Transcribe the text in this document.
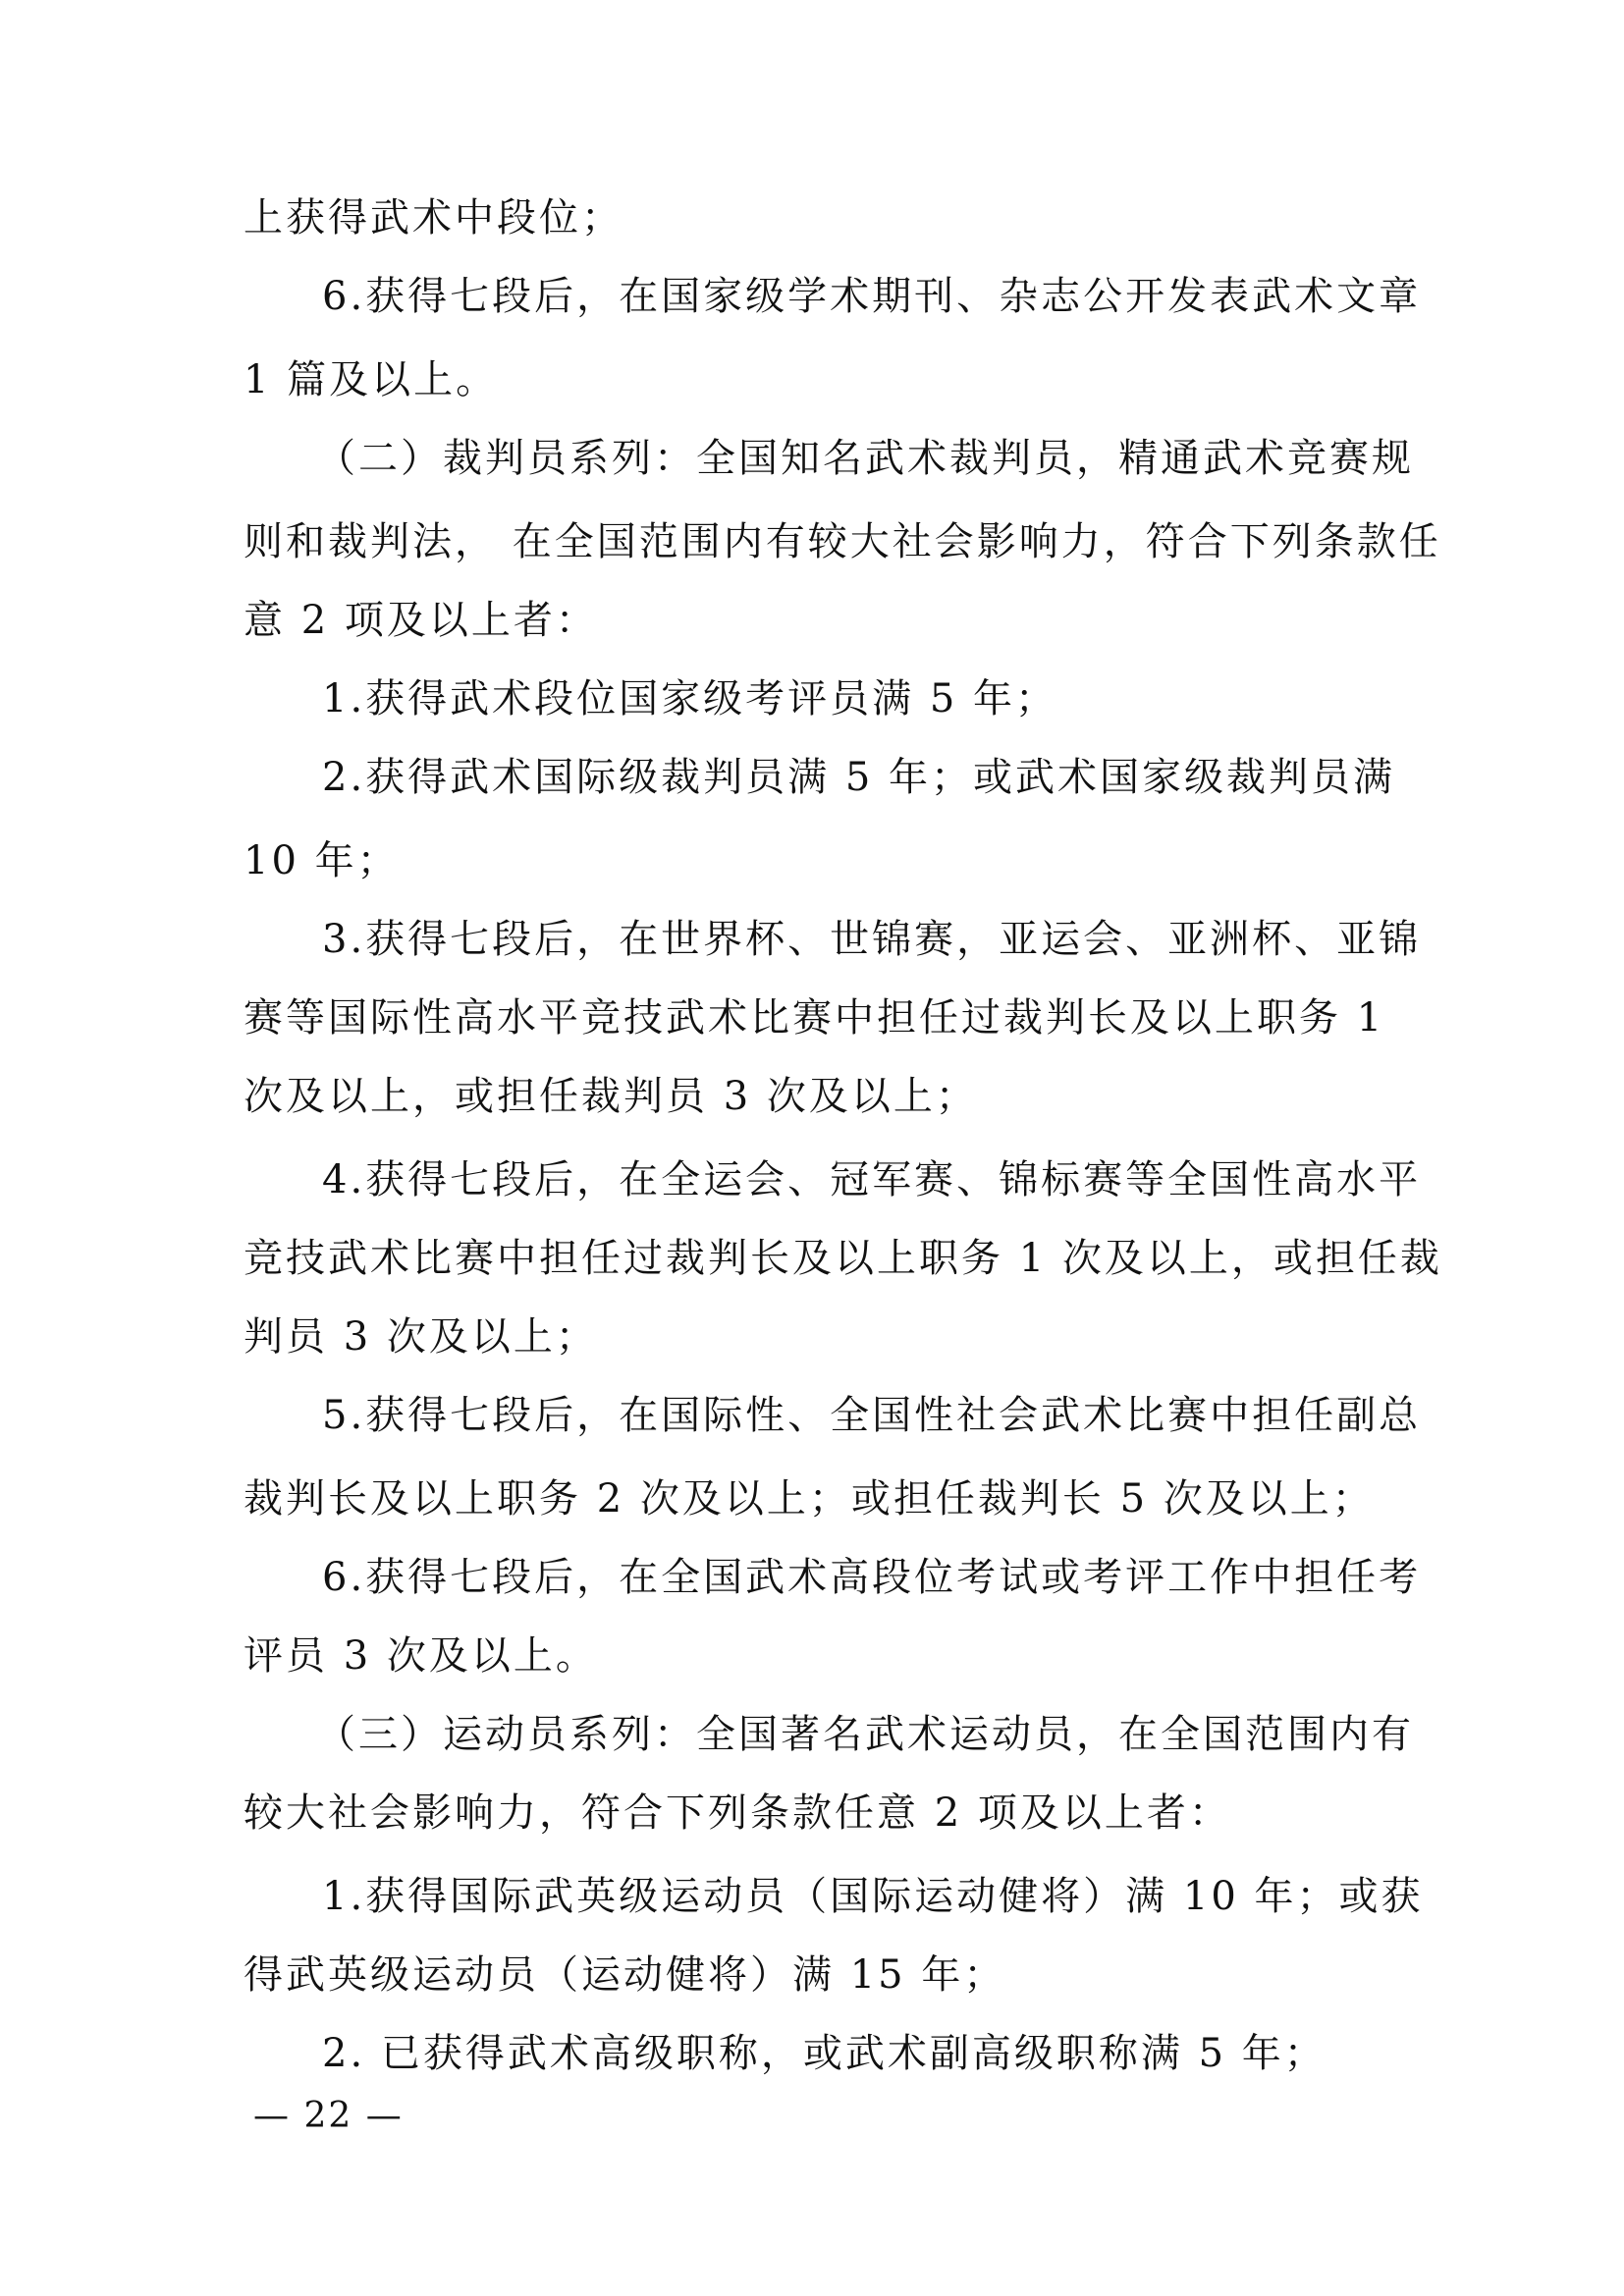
上获得武术中段位；
6.获得七段后，在国家级学术期刊、杂志公开发表武术文章
1 篇及以上。
（二）裁判员系列：全国知名武术裁判员，精通武术竞赛规
则和裁判法， 在全国范围内有较大社会影响力，符合下列条款任
意 2 项及以上者：
1.获得武术段位国家级考评员满 5 年；
2.获得武术国际级裁判员满 5 年；或武术国家级裁判员满
10 年；
3.获得七段后，在世界杯、世锦赛，亚运会、亚洲杯、亚锦
赛等国际性高水平竞技武术比赛中担任过裁判长及以上职务 1
次及以上，或担任裁判员 3 次及以上；
4.获得七段后，在全运会、冠军赛、锦标赛等全国性高水平
竞技武术比赛中担任过裁判长及以上职务 1 次及以上，或担任裁
判员 3 次及以上；
5.获得七段后，在国际性、全国性社会武术比赛中担任副总
裁判长及以上职务 2 次及以上；或担任裁判长 5 次及以上；
6.获得七段后，在全国武术高段位考试或考评工作中担任考
评员 3 次及以上。
（三）运动员系列：全国著名武术运动员，在全国范围内有
较大社会影响力，符合下列条款任意 2 项及以上者：
1.获得国际武英级运动员（国际运动健将）满 10 年；或获
得武英级运动员（运动健将）满 15 年；
2. 已获得武术高级职称，或武术副高级职称满 5 年；
— 22 —
